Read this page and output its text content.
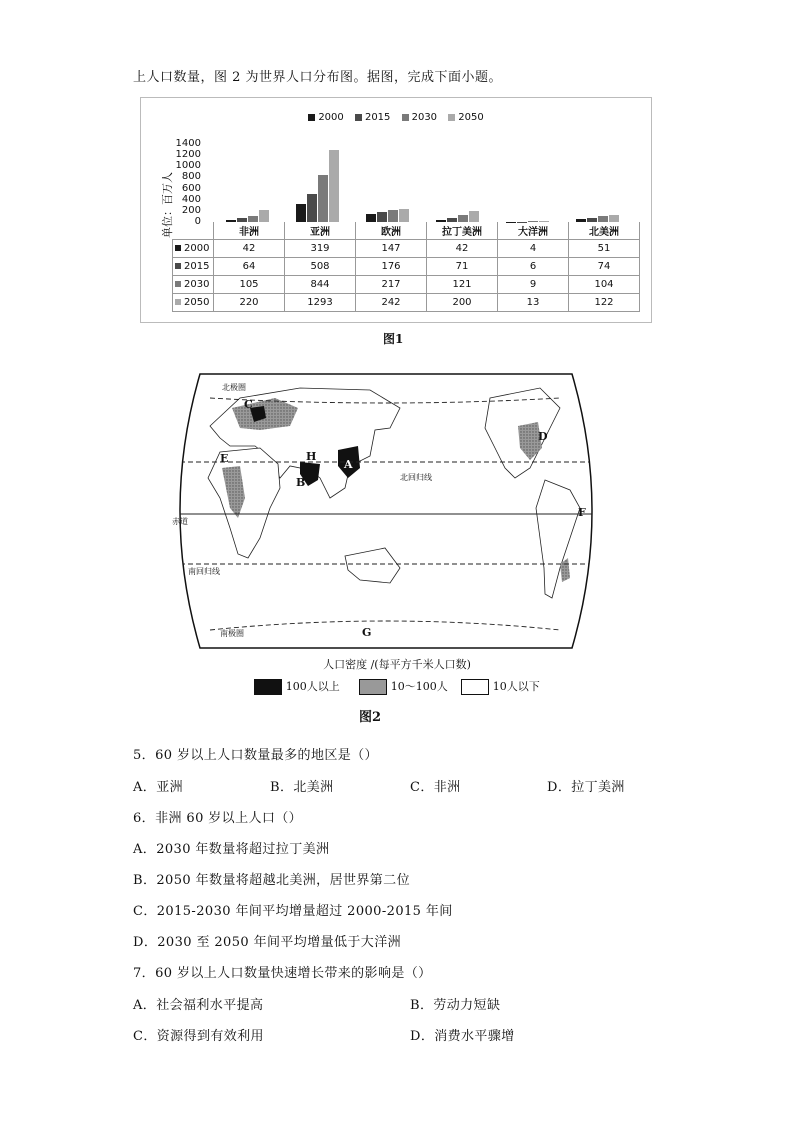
上人口数量，图 2 为世界人口分布图。据图，完成下面小题。
2000 2015 2030 2050
单位：百万人
1400
1200
1000
800
600
400
200
0
	非洲	亚洲	欧洲	拉丁美洲	大洋洲	北美洲
2000	42	319	147	42	4	51
2015	64	508	176	71	6	74
2030	105	844	217	121	9	104
2050	220	1293	242	200	13	122
图1
北极圈
北回归线
赤道
南回归线
南极圈
A
B
C
D
E
F
G
H
人口密度 /(每平方千米人口数)
100人以上	10～100人	10人以下
图2
5．60 岁以上人口数量最多的地区是（）
A．亚洲	B．北美洲	C．非洲	D．拉丁美洲
6．非洲 60 岁以上人口（）
A．2030 年数量将超过拉丁美洲
B．2050 年数量将超越北美洲，居世界第二位
C．2015-2030 年间平均增量超过 2000-2015 年间
D．2030 至 2050 年间平均增量低于大洋洲
7．60 岁以上人口数量快速增长带来的影响是（）
A．社会福利水平提高	B．劳动力短缺
C．资源得到有效利用	D．消费水平骤增
